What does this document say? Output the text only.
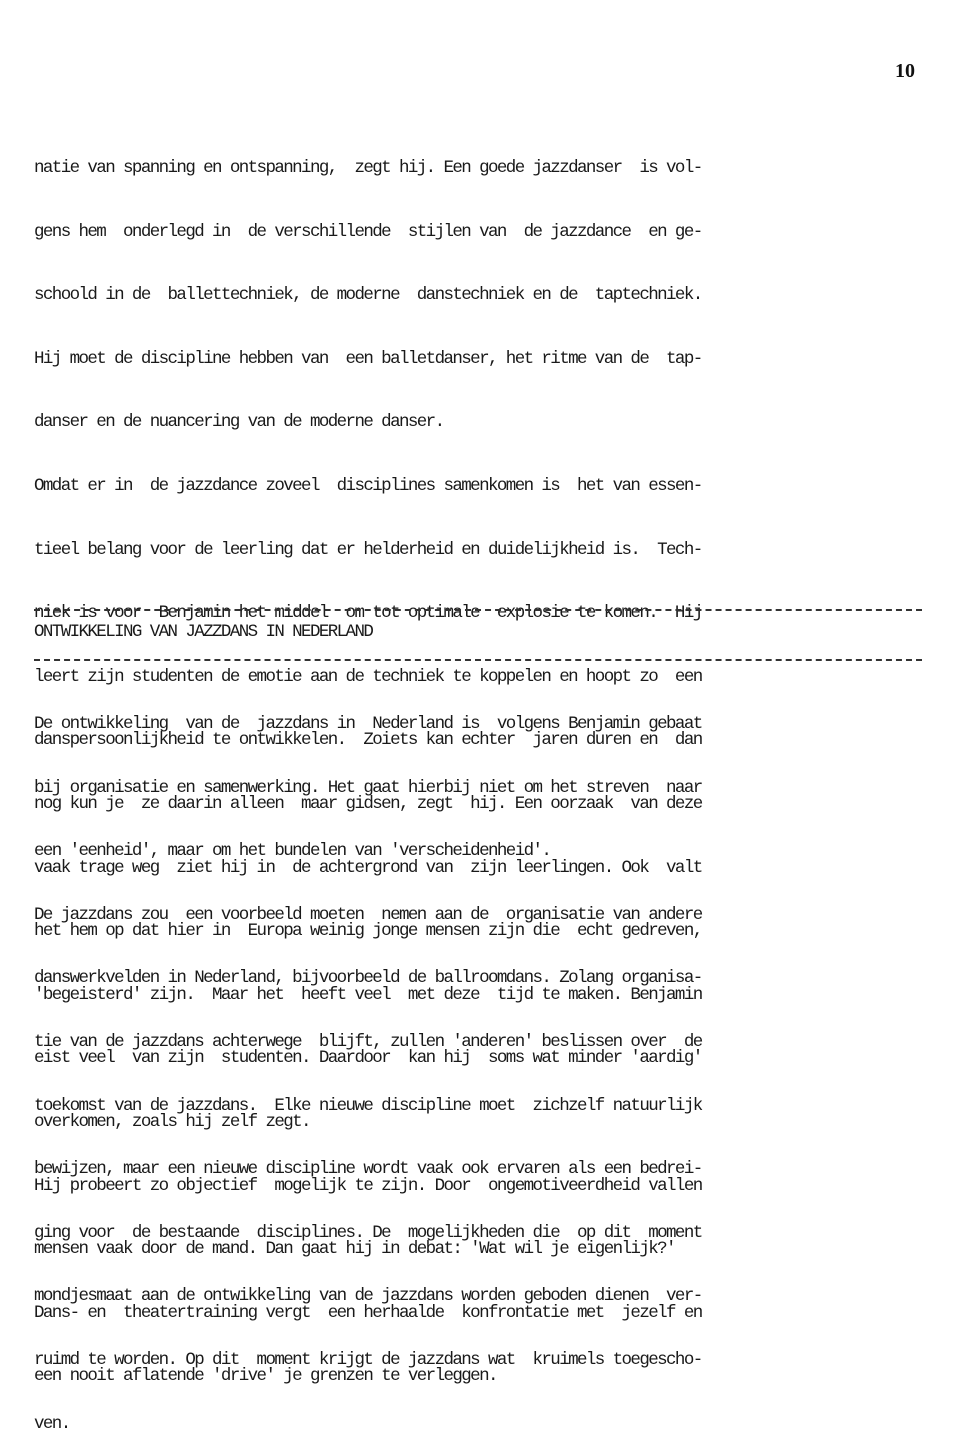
10

natie van spanning en ontspanning,  zegt hij. Een goede jazzdanser  is vol-

gens hem  onderlegd in  de verschillende  stijlen van  de jazzdance  en ge-

schoold in de  ballettechniek, de moderne  danstechniek en de  taptechniek.

Hij moet de discipline hebben van  een balletdanser, het ritme van de  tap-

danser en de nuancering van de moderne danser.

Omdat er in  de jazzdance zoveel  disciplines samenkomen is  het van essen-

tieel belang voor de leerling dat er helderheid en duidelijkheid is.  Tech-

niek is voor  Benjamin het middel  om tot optimale  explosie te komen.  Hij

leert zijn studenten de emotie aan de techniek te koppelen en hoopt zo  een

danspersoonlijkheid te ontwikkelen.  Zoiets kan echter  jaren duren en  dan

nog kun je  ze daarin alleen  maar gidsen, zegt  hij. Een oorzaak  van deze

vaak trage weg  ziet hij in  de achtergrond van  zijn leerlingen. Ook  valt

het hem op dat hier in  Europa weinig jonge mensen zijn die  echt gedreven,

'begeisterd' zijn.  Maar het  heeft veel  met deze  tijd te maken. Benjamin

eist veel  van zijn  studenten. Daardoor  kan hij  soms wat minder 'aardig'

overkomen, zoals hij zelf zegt.

Hij probeert zo objectief  mogelijk te zijn. Door  ongemotiveerdheid vallen

mensen vaak door de mand. Dan gaat hij in debat: 'Wat wil je eigenlijk?'

Dans- en  theatertraining vergt  een herhaalde  konfrontatie met  jezelf en

een nooit aflatende 'drive' je grenzen te verleggen.

ONTWIKKELING VAN JAZZDANS IN NEDERLAND

De ontwikkeling  van de  jazzdans in  Nederland is  volgens Benjamin gebaat

bij organisatie en samenwerking. Het gaat hierbij niet om het streven  naar

een 'eenheid', maar om het bundelen van 'verscheidenheid'.

De jazzdans zou  een voorbeeld moeten  nemen aan de  organisatie van andere

danswerkvelden in Nederland, bijvoorbeeld de ballroomdans. Zolang organisa-

tie van de jazzdans achterwege  blijft, zullen 'anderen' beslissen over  de

toekomst van de jazzdans.  Elke nieuwe discipline moet  zichzelf natuurlijk

bewijzen, maar een nieuwe discipline wordt vaak ook ervaren als een bedrei-

ging voor  de bestaande  disciplines. De  mogelijkheden die  op dit  moment

mondjesmaat aan de ontwikkeling van de jazzdans worden geboden dienen  ver-

ruimd te worden. Op dit  moment krijgt de jazzdans wat  kruimels toegescho-

ven.
